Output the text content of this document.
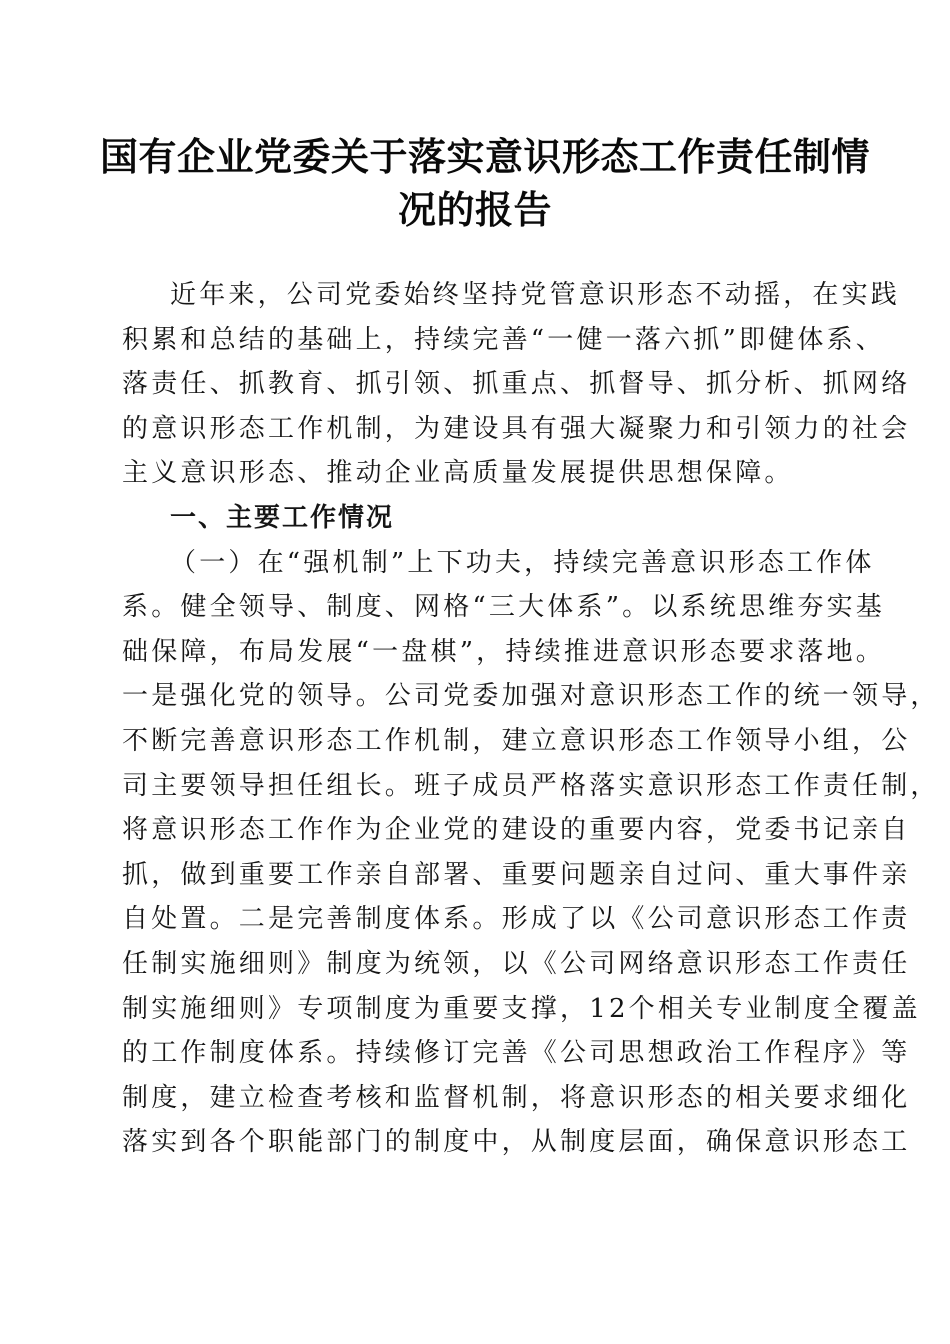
国有企业党委关于落实意识形态工作责任制情
况的报告
近年来，公司党委始终坚持党管意识形态不动摇，在实践
积累和总结的基础上，持续完善“一健一落六抓”即健体系、
落责任、抓教育、抓引领、抓重点、抓督导、抓分析、抓网络
的意识形态工作机制，为建设具有强大凝聚力和引领力的社会
主义意识形态、推动企业高质量发展提供思想保障。
一、主要工作情况
（一）在“强机制”上下功夫，持续完善意识形态工作体
系。健全领导、制度、网格“三大体系”。以系统思维夯实基
础保障，布局发展“一盘棋”，持续推进意识形态要求落地。
一是强化党的领导。公司党委加强对意识形态工作的统一领导，
不断完善意识形态工作机制，建立意识形态工作领导小组，公
司主要领导担任组长。班子成员严格落实意识形态工作责任制，
将意识形态工作作为企业党的建设的重要内容，党委书记亲自
抓，做到重要工作亲自部署、重要问题亲自过问、重大事件亲
自处置。二是完善制度体系。形成了以《公司意识形态工作责
任制实施细则》制度为统领，以《公司网络意识形态工作责任
制实施细则》专项制度为重要支撑，12个相关专业制度全覆盖
的工作制度体系。持续修订完善《公司思想政治工作程序》等
制度，建立检查考核和监督机制，将意识形态的相关要求细化
落实到各个职能部门的制度中，从制度层面，确保意识形态工
